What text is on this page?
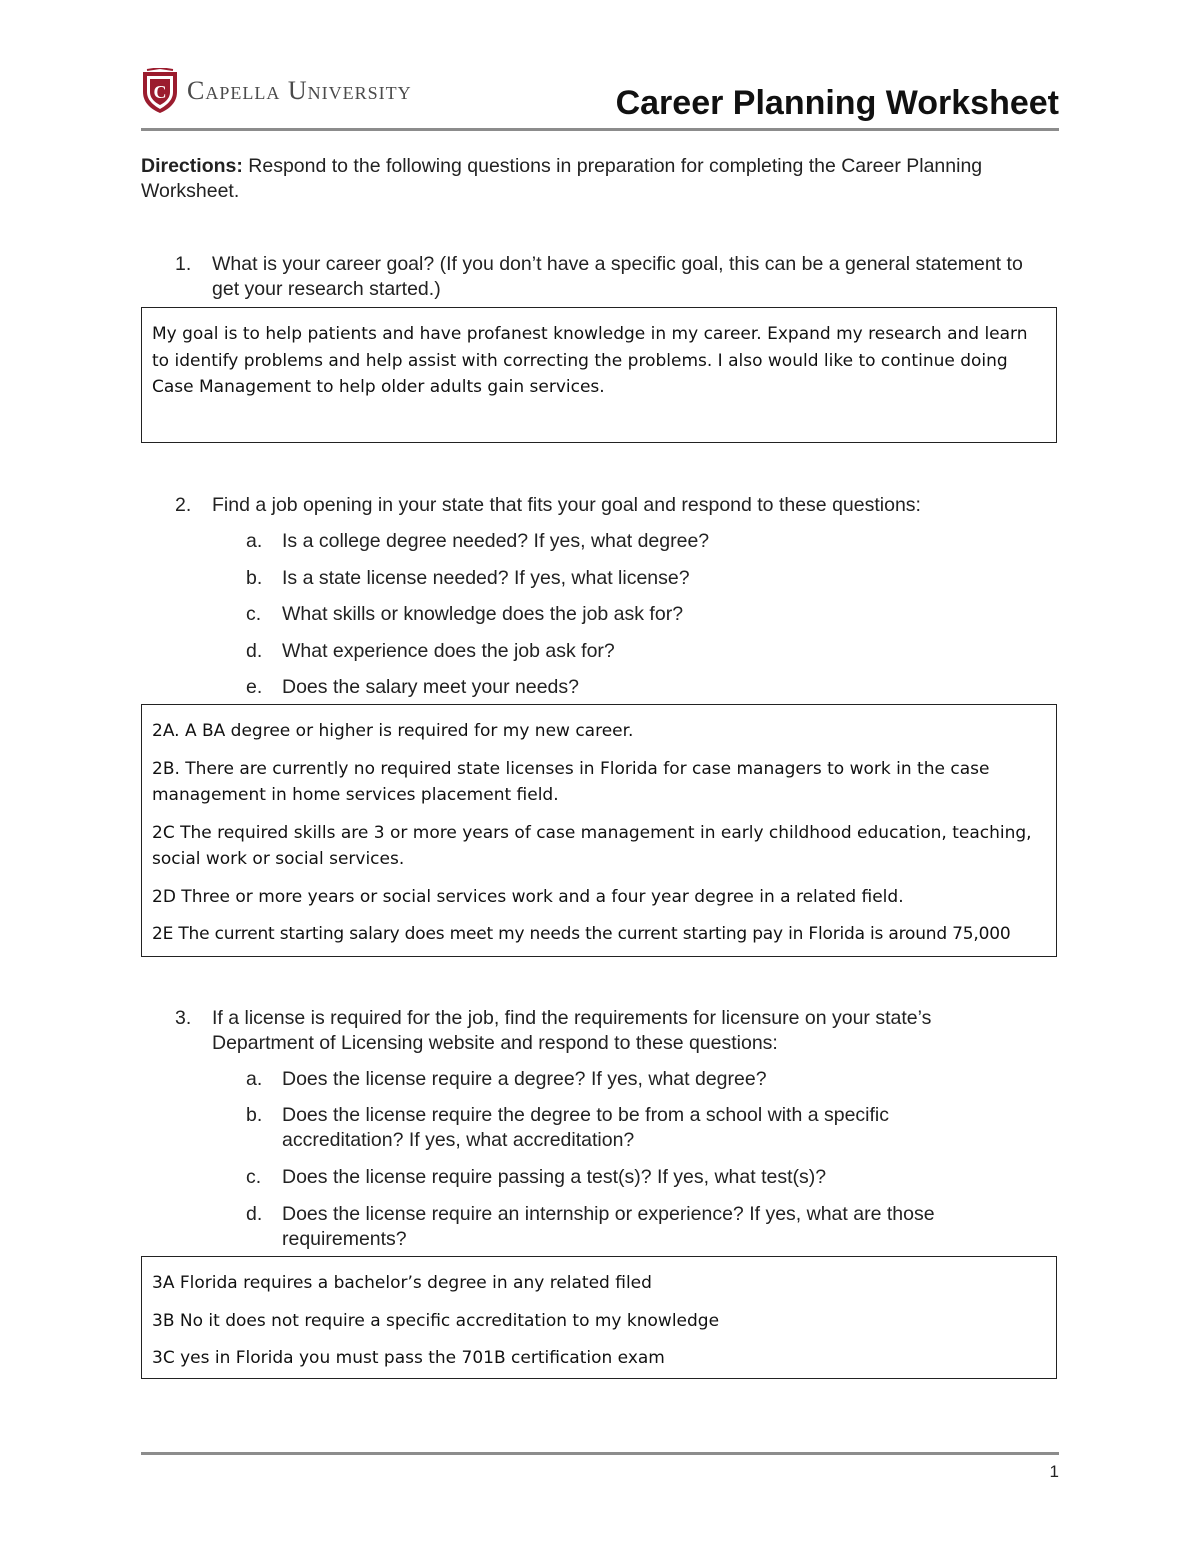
C Capella University	Career Planning Worksheet
Directions: Respond to the following questions in preparation for completing the Career Planning Worksheet.
1. What is your career goal? (If you don’t have a specific goal, this can be a general statement to get your research started.)

My goal is to help patients and have profanest knowledge in my career. Expand my research and learn to identify problems and help assist with correcting the problems. I also would like to continue doing Case Management to help older adults gain services.

2. Find a job opening in your state that fits your goal and respond to these questions:
a. Is a college degree needed? If yes, what degree?
b. Is a state license needed? If yes, what license?
c. What skills or knowledge does the job ask for?
d. What experience does the job ask for?
e. Does the salary meet your needs?

2A. A BA degree or higher is required for my new career.

2B. There are currently no required state licenses in Florida for case managers to work in the case management in home services placement field.

2C The required skills are 3 or more years of case management in early childhood education, teaching, social work or social services.

2D Three or more years or social services work and a four year degree in a related field.

2E The current starting salary does meet my needs the current starting pay in Florida is around 75,000

3. If a license is required for the job, find the requirements for licensure on your state’s Department of Licensing website and respond to these questions:
a. Does the license require a degree? If yes, what degree?
b. Does the license require the degree to be from a school with a specific accreditation? If yes, what accreditation?
c. Does the license require passing a test(s)? If yes, what test(s)?
d. Does the license require an internship or experience? If yes, what are those requirements?

3A Florida requires a bachelor’s degree in any related filed

3B No it does not require a specific accreditation to my knowledge

3C yes in Florida you must pass the 701B certification exam

1
